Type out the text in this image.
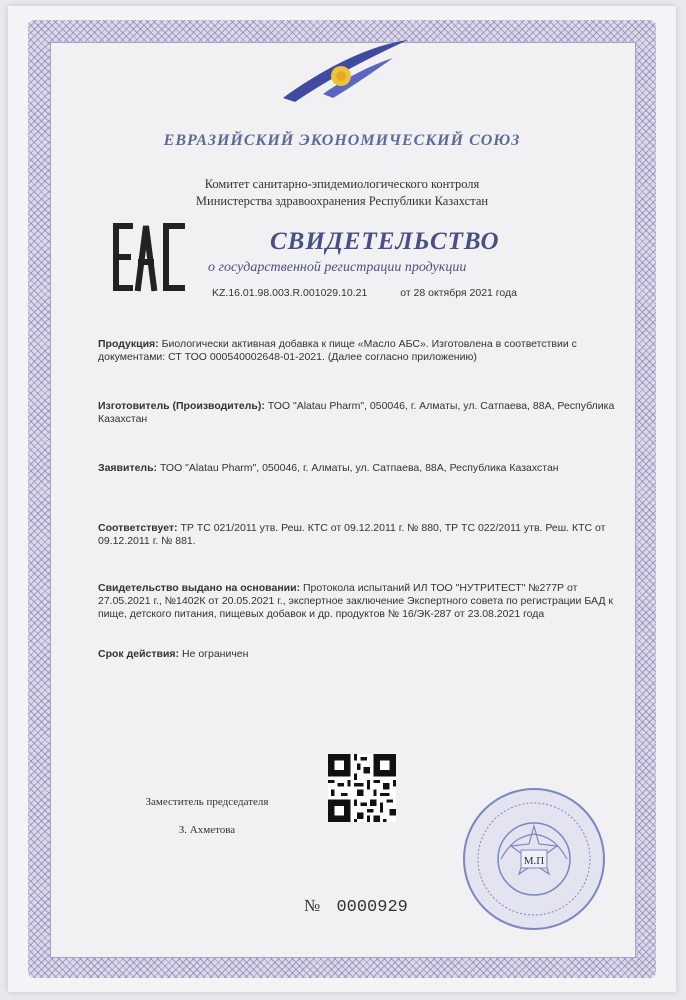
ЕВРАЗИЙСКИЙ ЭКОНОМИЧЕСКИЙ СОЮЗ
Комитет санитарно-эпидемиологического контроля
Министерства здравоохранения Республики Казахстан
СВИДЕТЕЛЬСТВО
о государственной регистрации продукции
KZ.16.01.98.003.R.001029.10.21	от 28 октября 2021 года
Продукция: Биологически активная добавка к пище «Масло АБС». Изготовлена в соответствии с документами: СТ ТОО 000540002648-01-2021. (Далее согласно приложению)
Изготовитель (Производитель): ТОО "Alatau Pharm", 050046, г. Алматы, ул. Сатпаева, 88А, Республика Казахстан
Заявитель: ТОО "Alatau Pharm", 050046, г. Алматы, ул. Сатпаева, 88А, Республика Казахстан
Соответствует: ТР ТС 021/2011 утв. Реш. КТС от 09.12.2011 г. № 880, ТР ТС 022/2011 утв. Реш. КТС от 09.12.2011 г. № 881.
Свидетельство выдано на основании: Протокола испытаний ИЛ ТОО "НУТРИТЕСТ" №277Р от 27.05.2021 г., №1402К от 20.05.2021 г., экспертное заключение Экспертного совета по регистрации БАД к пище, детского питания, пищевых добавок и др. продуктов № 16/ЭК-287 от 23.08.2021 года
Срок действия: Не ограничен
Заместитель председателя
З. Ахметова
М.П
№ 0000929
